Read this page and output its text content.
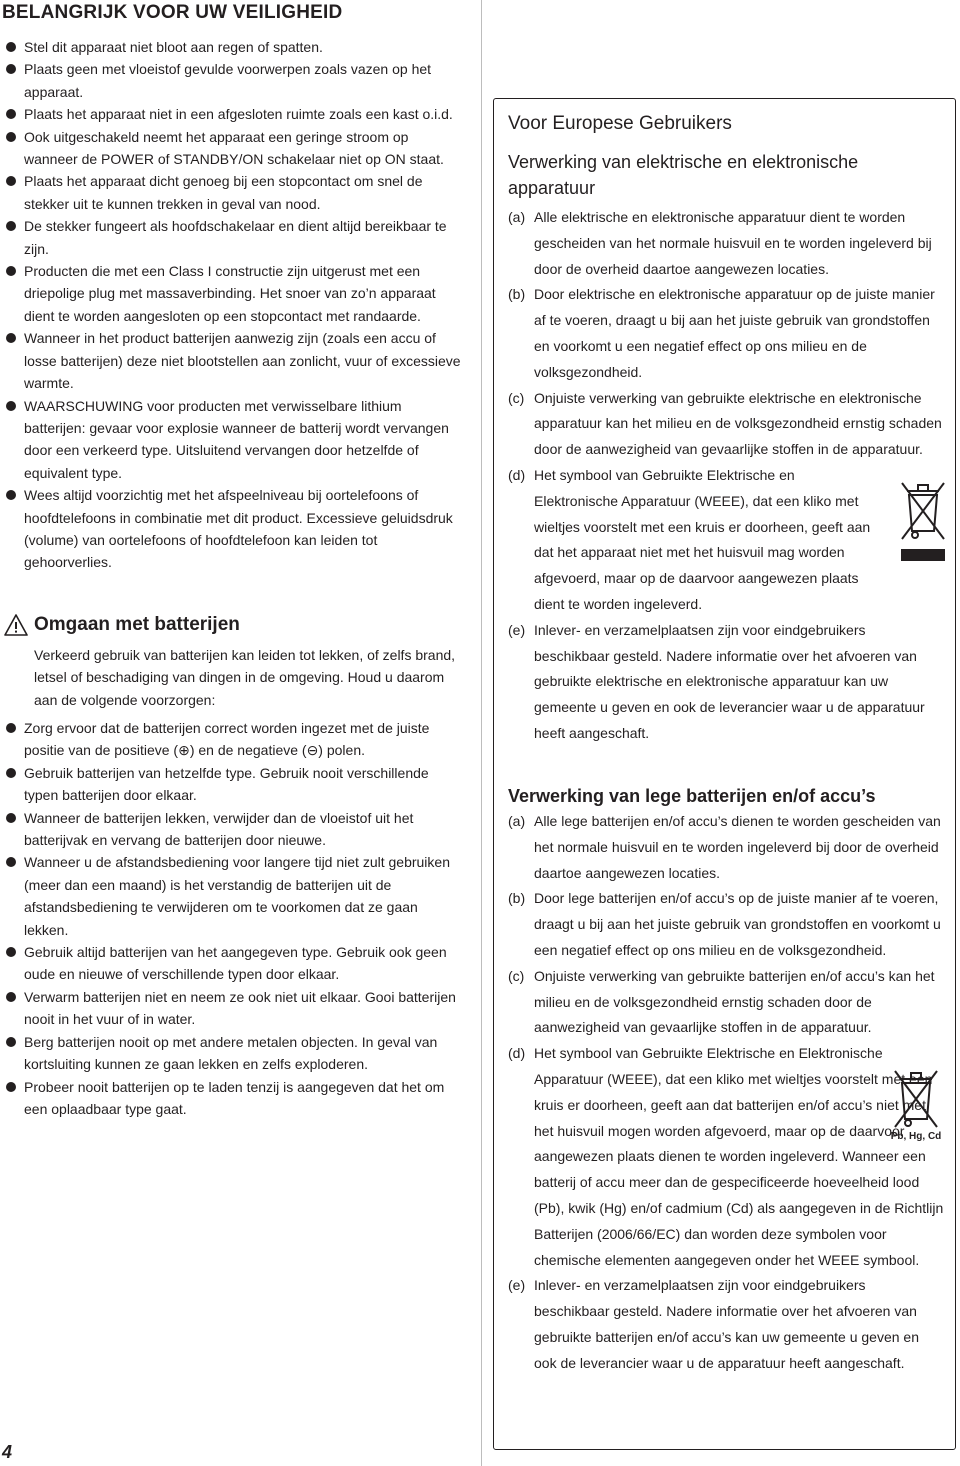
BELANGRIJK VOOR UW VEILIGHEID
Stel dit apparaat niet bloot aan regen of spatten.
Plaats geen met vloeistof gevulde voorwerpen zoals vazen op het apparaat.
Plaats het apparaat niet in een afgesloten ruimte zoals een kast o.i.d.
Ook uitgeschakeld neemt het apparaat een geringe stroom op wanneer de POWER of STANDBY/ON schakelaar niet op ON staat.
Plaats het apparaat dicht genoeg bij een stopcontact om snel de stekker uit te kunnen trekken in geval van nood.
De stekker fungeert als hoofdschakelaar en dient altijd bereikbaar te zijn.
Producten die met een Class I constructie zijn uitgerust met een driepolige plug met massaverbinding. Het snoer van zo’n apparaat dient te worden aangesloten op een stopcontact met randaarde.
Wanneer in het product batterijen aanwezig zijn (zoals een accu of losse batterijen) deze niet blootstellen aan zonlicht, vuur of excessieve warmte.
WAARSCHUWING voor producten met verwisselbare lithium batterijen: gevaar voor explosie wanneer de batterij wordt vervangen door een verkeerd type. Uitsluitend vervangen door hetzelfde of equivalent type.
Wees altijd voorzichtig met het afspeelniveau bij oortelefoons of hoofdtelefoons in combinatie met dit product. Excessieve geluidsdruk (volume) van oortelefoons of hoofdtelefoon kan leiden tot gehoorverlies.
Omgaan met batterijen
Verkeerd gebruik van batterijen kan leiden tot lekken, of zelfs brand, letsel of beschadiging van dingen in de omgeving. Houd u daarom aan de volgende voorzorgen:
Zorg ervoor dat de batterijen correct worden ingezet met de juiste positie van de positieve (⊕) en de negatieve (⊖) polen.
Gebruik batterijen van hetzelfde type. Gebruik nooit verschillende typen batterijen door elkaar.
Wanneer de batterijen lekken, verwijder dan de vloeistof uit het batterijvak en vervang de batterijen door nieuwe.
Wanneer u de afstandsbediening voor langere tijd niet zult gebruiken (meer dan een maand) is het verstandig de batterijen uit de afstandsbediening te verwijderen om te voorkomen dat ze gaan lekken.
Gebruik altijd batterijen van het aangegeven type. Gebruik ook geen oude en nieuwe of verschillende typen door elkaar.
Verwarm batterijen niet en neem ze ook niet uit elkaar. Gooi batterijen nooit in het vuur of in water.
Berg batterijen nooit op met andere metalen objecten. In geval van kortsluiting kunnen ze gaan lekken en zelfs exploderen.
Probeer nooit batterijen op te laden tenzij is aangegeven dat het om een oplaadbaar type gaat.
4
Voor Europese Gebruikers
Verwerking van elektrische en elektronische apparatuur
(a) Alle elektrische en elektronische apparatuur dient te worden gescheiden van het normale huisvuil en te worden ingeleverd bij door de overheid daartoe aangewezen locaties.
(b) Door elektrische en elektronische apparatuur op de juiste manier af te voeren, draagt u bij aan het juiste gebruik van grondstoffen en voorkomt u een negatief effect op ons milieu en de volksgezondheid.
(c) Onjuiste verwerking van gebruikte elektrische en elektronische apparatuur kan het milieu en de volksgezondheid ernstig schaden door de aanwezigheid van gevaarlijke stoffen in de apparatuur.
(d) Het symbool van Gebruikte Elektrische en Elektronische Apparatuur (WEEE), dat een kliko met wieltjes voorstelt met een kruis er doorheen, geeft aan dat het apparaat niet met het huisvuil mag worden afgevoerd, maar op de daarvoor aangewezen plaats dient te worden ingeleverd.
(e) Inlever- en verzamelplaatsen zijn voor eindgebruikers beschikbaar gesteld. Nadere informatie over het afvoeren van gebruikte elektrische en elektronische apparatuur kan uw gemeente u geven en ook de leverancier waar u de apparatuur heeft aangeschaft.
Verwerking van lege batterijen en/of accu’s
(a) Alle lege batterijen en/of accu’s dienen te worden gescheiden van het normale huisvuil en te worden ingeleverd bij door de overheid daartoe aangewezen locaties.
(b) Door lege batterijen en/of accu’s op de juiste manier af te voeren, draagt u bij aan het juiste gebruik van grondstoffen en voorkomt u een negatief effect op ons milieu en de volksgezondheid.
(c) Onjuiste verwerking van gebruikte batterijen en/of accu’s kan het milieu en de volksgezondheid ernstig schaden door de aanwezigheid van gevaarlijke stoffen in de apparatuur.
(d) Het symbool van Gebruikte Elektrische en Elektronische Apparatuur (WEEE), dat een kliko met wieltjes voorstelt met een kruis er doorheen, geeft aan dat batterijen en/of accu’s niet met het huisvuil mogen worden afgevoerd, maar op de daarvoor aangewezen plaats dienen te worden ingeleverd. Wanneer een batterij of accu meer dan de gespecificeerde hoeveelheid lood (Pb), kwik (Hg) en/of cadmium (Cd) als aangegeven in de Richtlijn Batterijen (2006/66/EC) dan worden deze symbolen voor chemische elementen aangegeven onder het WEEE symbool.
(e) Inlever- en verzamelplaatsen zijn voor eindgebruikers beschikbaar gesteld. Nadere informatie over het afvoeren van gebruikte batterijen en/of accu’s kan uw gemeente u geven en ook de leverancier waar u de apparatuur heeft aangeschaft.
Pb, Hg, Cd
